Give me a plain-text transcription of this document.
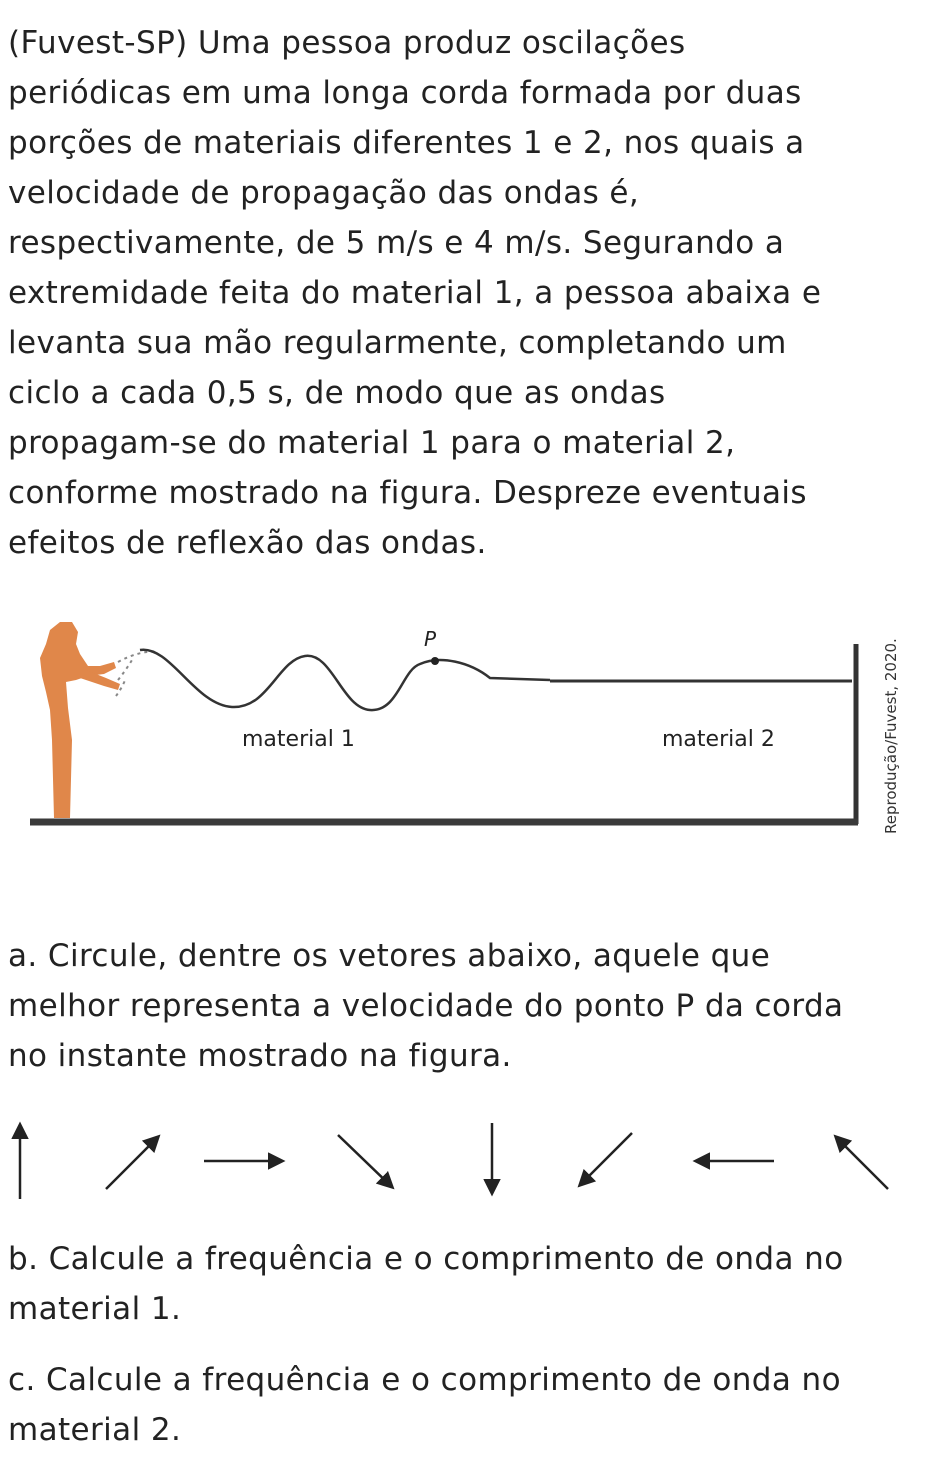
(Fuvest-SP) Uma pessoa produz oscilações
periódicas em uma longa corda formada por duas
porções de materiais diferentes 1 e 2, nos quais a
velocidade de propagação das ondas é,
respectivamente, de 5 m/s e 4 m/s. Segurando a
extremidade feita do material 1, a pessoa abaixa e
levanta sua mão regularmente, completando um
ciclo a cada 0,5 s, de modo que as ondas
propagam-se do material 1 para o material 2,
conforme mostrado na figura. Despreze eventuais
efeitos de reflexão das ondas.
P
material 1	material 2	Reprodução/Fuvest, 2020.
a. Circule, dentre os vetores abaixo, aquele que
melhor representa a velocidade do ponto P da corda
no instante mostrado na figura.
b. Calcule a frequência e o comprimento de onda no
material 1.
c. Calcule a frequência e o comprimento de onda no
material 2.
